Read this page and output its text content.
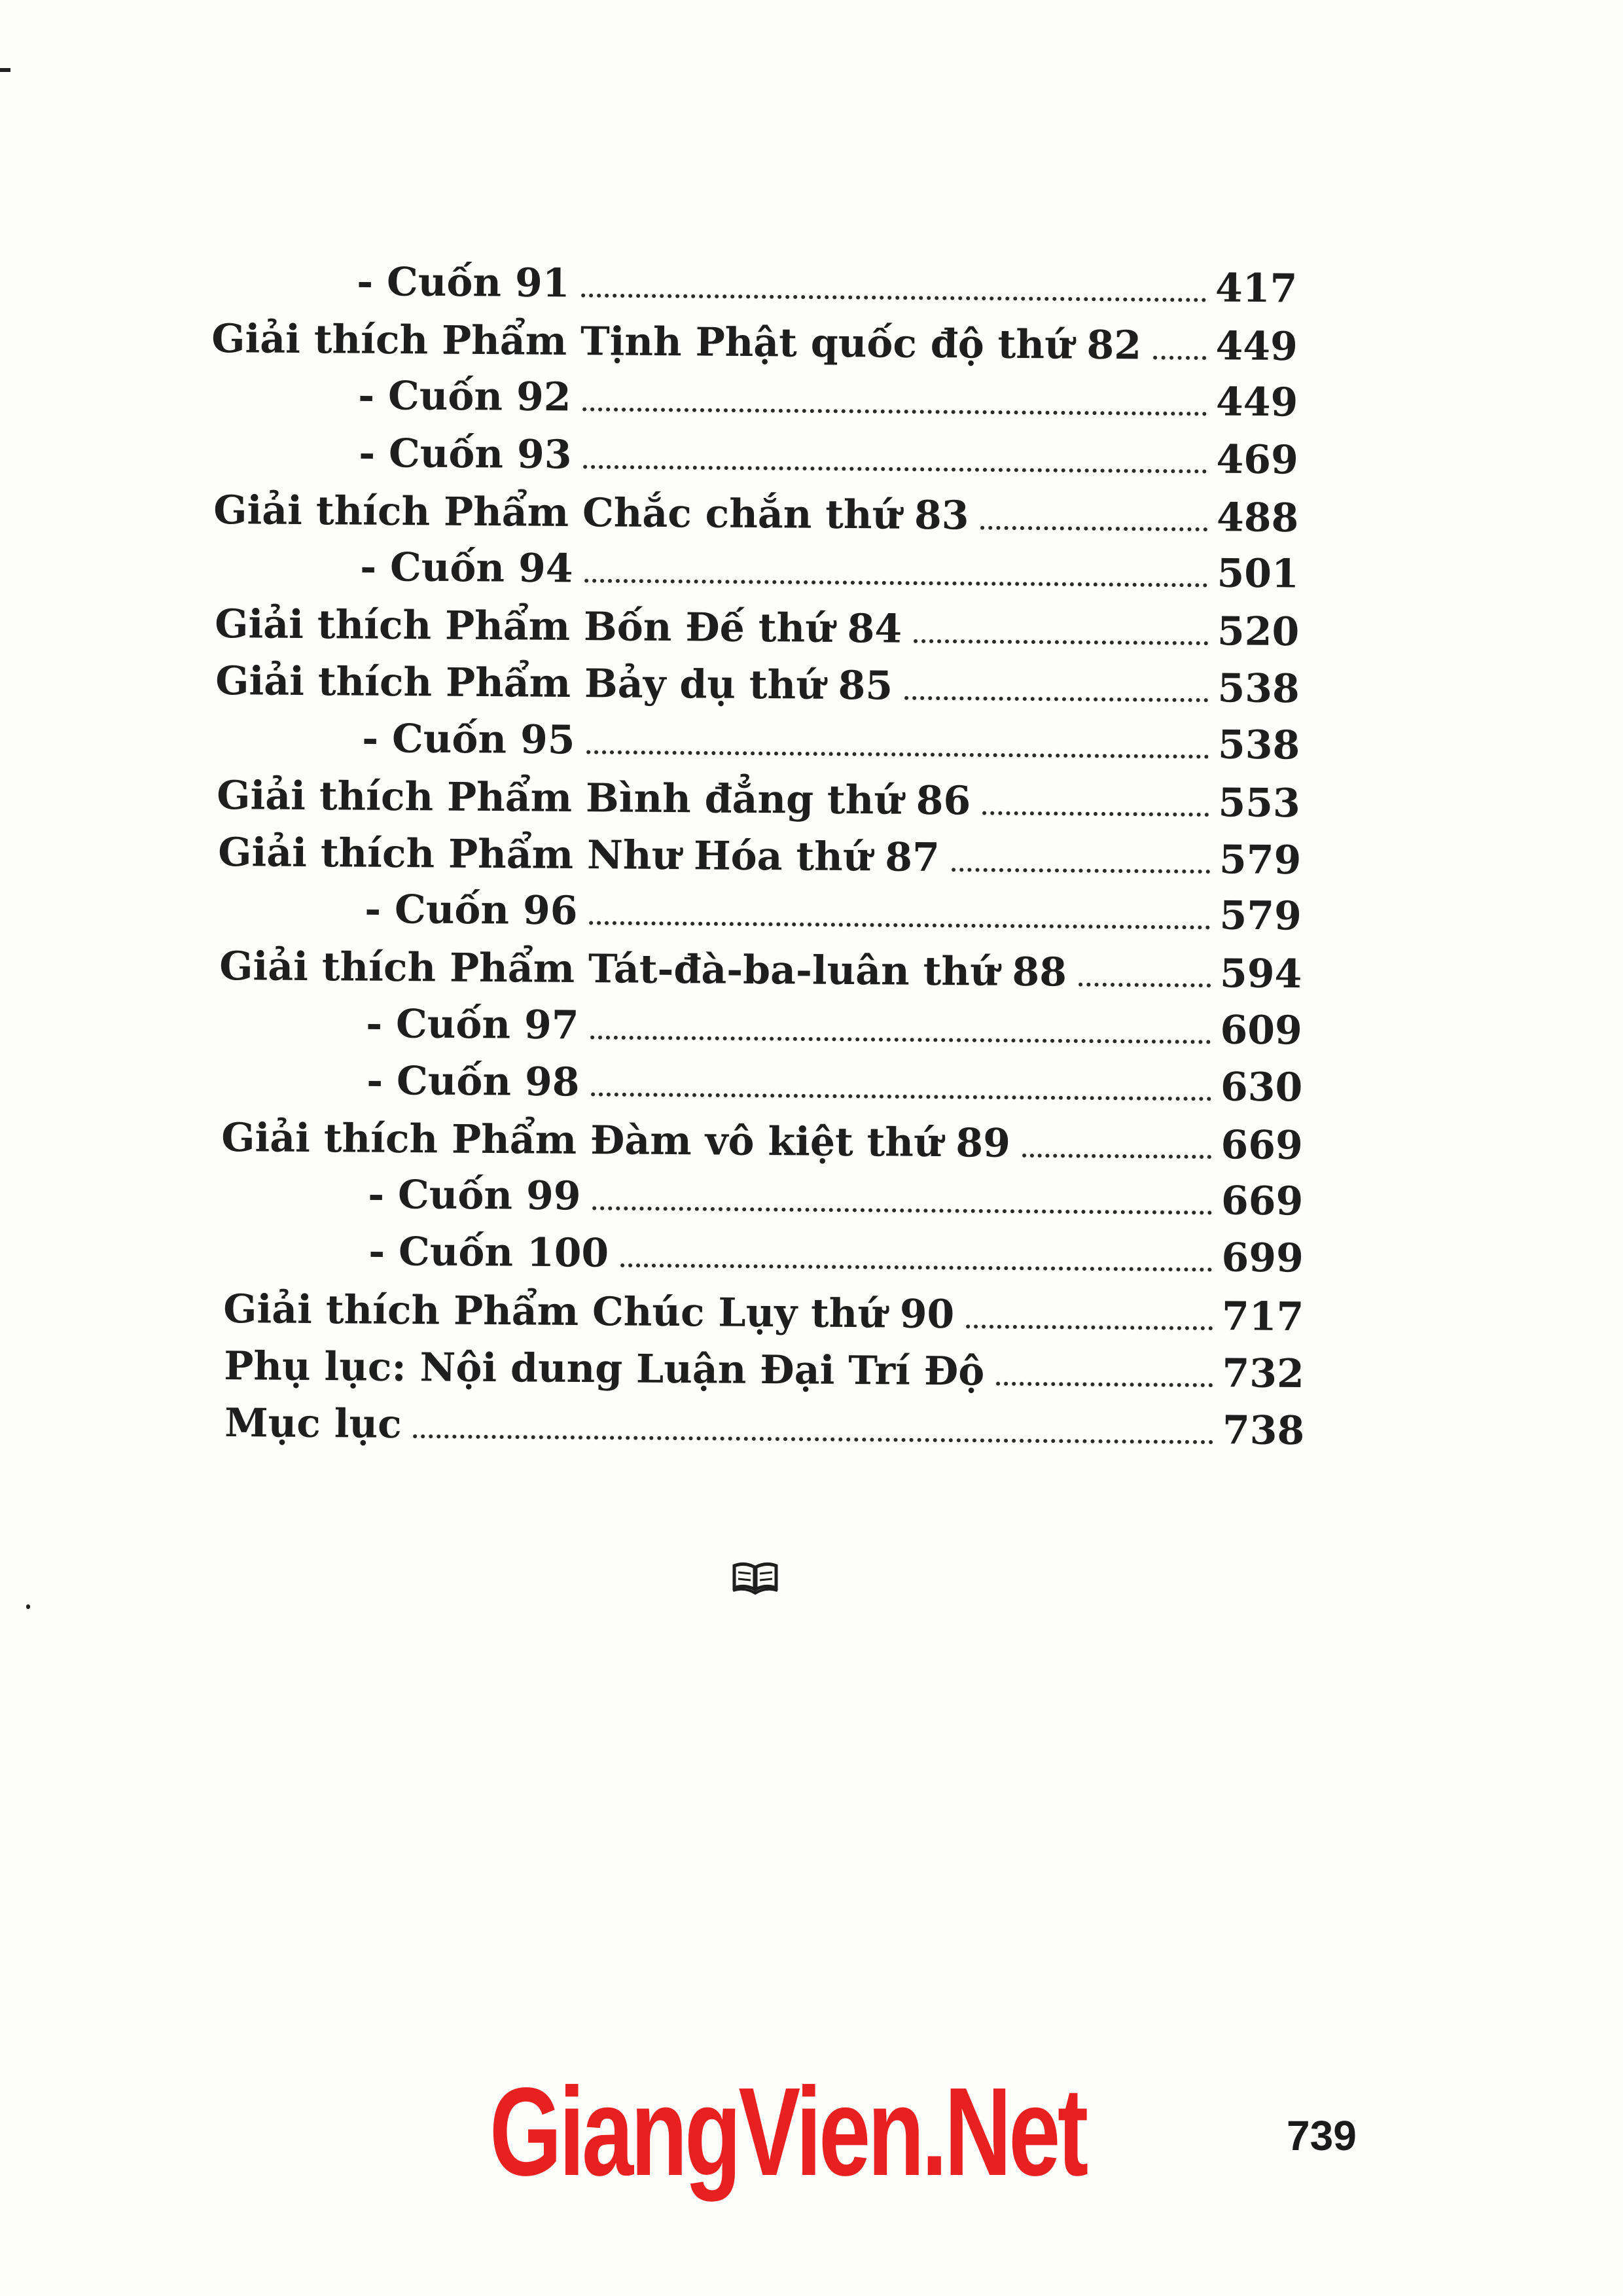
- Cuốn 91	417
Giải thích Phẩm Tịnh Phật quốc độ thứ 82 449
- Cuốn 92	449
- Cuốn 93	469
Giải thích Phẩm Chắc chắn thứ 83	488
- Cuốn 94	501
Giải thích Phẩm Bốn Đế thứ 84	520
Giải thích Phẩm Bảy dụ thứ 85	538
- Cuốn 95	538
Giải thích Phẩm Bình đẳng thứ 86	553
Giải thích Phẩm Như Hóa thứ 87	579
- Cuốn 96	579
Giải thích Phẩm Tát-đà-ba-luân thứ 88	594
- Cuốn 97	609
- Cuốn 98	630
Giải thích Phẩm Đàm vô kiệt thứ 89	669
- Cuốn 99	669
- Cuốn 100	699
Giải thích Phẩm Chúc Lụy thứ 90	717
Phụ lục: Nội dung Luận Đại Trí Độ	732
Mục lục	738
GiangVien.Net	739
